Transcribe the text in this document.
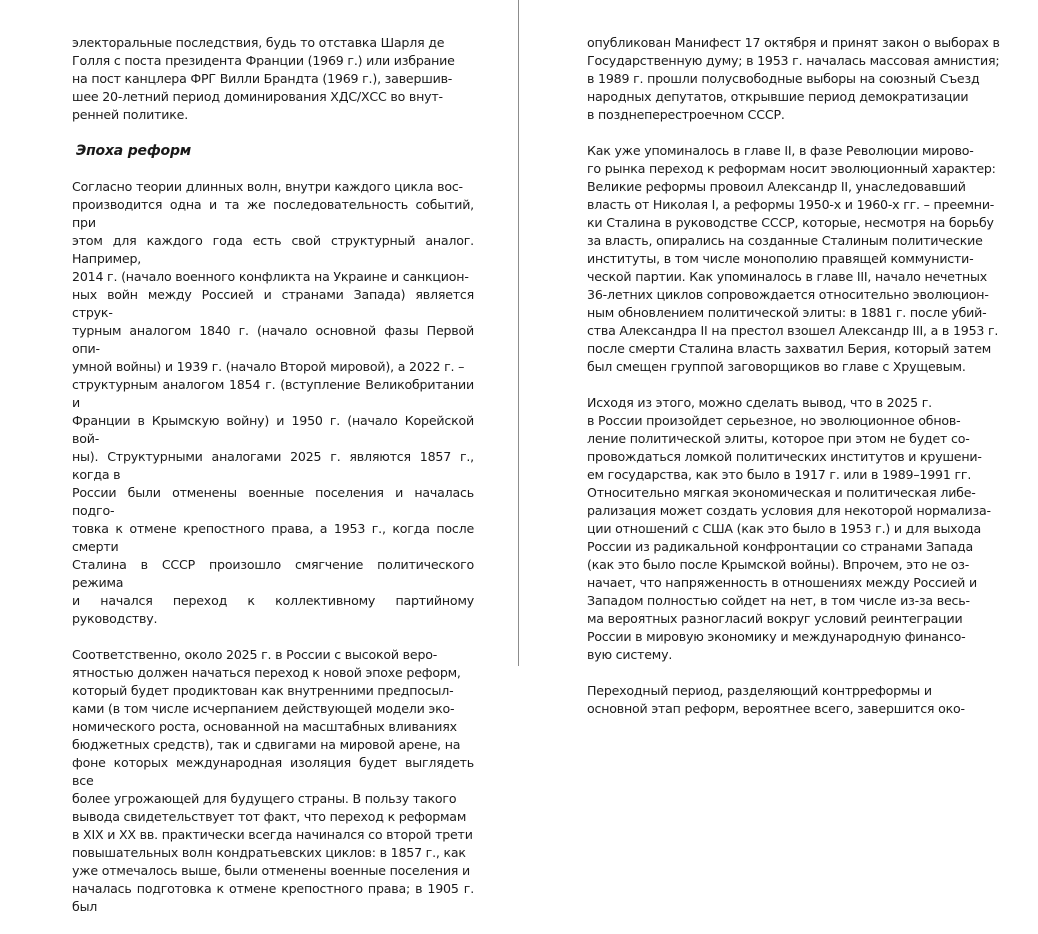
электоральные последствия, будь то отставка Шарля де
Голля с поста президента Франции (1969 г.) или избрание
на пост канцлера ФРГ Вилли Брандта (1969 г.), завершив-
шее 20-летний период доминирования ХДС/ХСС во внут-
ренней политике.

Эпоха реформ

Согласно теории длинных волн, внутри каждого цикла вос-
производится одна и та же последовательность событий, при
этом для каждого года есть свой структурный аналог. Например,
2014 г. (начало военного конфликта на Украине и санкцион-
ных войн между Россией и странами Запада) является струк-
турным аналогом 1840 г. (начало основной фазы Первой опи-
умной войны) и 1939 г. (начало Второй мировой), а 2022 г. –
структурным аналогом 1854 г. (вступление Великобритании и
Франции в Крымскую войну) и 1950 г. (начало Корейской вой-
ны). Структурными аналогами 2025 г. являются 1857 г., когда в
России были отменены военные поселения и началась подго-
товка к отмене крепостного права, а 1953 г., когда после смерти
Сталина в СССР произошло смягчение политического режима
и начался переход к коллективному партийному руководству.

Соответственно, около 2025 г. в России с высокой веро-
ятностью должен начаться переход к новой эпохе реформ,
который будет продиктован как внутренними предпосыл-
ками (в том числе исчерпанием действующей модели эко-
номического роста, основанной на масштабных вливаниях
бюджетных средств), так и сдвигами на мировой арене, на
фоне которых международная изоляция будет выглядеть все
более угрожающей для будущего страны. В пользу такого
вывода свидетельствует тот факт, что переход к реформам
в XIX и XX вв. практически всегда начинался со второй трети
повышательных волн кондратьевских циклов: в 1857 г., как
уже отмечалось выше, были отменены военные поселения и
началась подготовка к отмене крепостного права; в 1905 г. был

опубликован Манифест 17 октября и принят закон о выборах в
Государственную думу; в 1953 г. началась массовая амнистия;
в 1989 г. прошли полусвободные выборы на союзный Съезд
народных депутатов, открывшие период демократизации
в позднеперестроечном СССР.

Как уже упоминалось в главе II, в фазе Революции мирово-
го рынка переход к реформам носит эволюционный характер:
Великие реформы провоил Александр II, унаследовавший
власть от Николая I, а реформы 1950-х и 1960-х гг. – преемни-
ки Сталина в руководстве СССР, которые, несмотря на борьбу
за власть, опирались на созданные Сталиным политические
институты, в том числе монополию правящей коммунисти-
ческой партии. Как упоминалось в главе III, начало нечетных
36-летних циклов сопровождается относительно эволюцион-
ным обновлением политической элиты: в 1881 г. после убий-
ства Александра II на престол взошел Александр III, а в 1953 г.
после смерти Сталина власть захватил Берия, который затем
был смещен группой заговорщиков во главе с Хрущевым.

Исходя из этого, можно сделать вывод, что в 2025 г.
в России произойдет серьезное, но эволюционное обнов-
ление политической элиты, которое при этом не будет со-
провождаться ломкой политических институтов и крушени-
ем государства, как это было в 1917 г. или в 1989–1991 гг.
Относительно мягкая экономическая и политическая либе-
рализация может создать условия для некоторой нормализа-
ции отношений с США (как это было в 1953 г.) и для выхода
России из радикальной конфронтации со странами Запада
(как это было после Крымской войны). Впрочем, это не оз-
начает, что напряженность в отношениях между Россией и
Западом полностью сойдет на нет, в том числе из-за весь-
ма вероятных разногласий вокруг условий реинтеграции
России в мировую экономику и международную финансо-
вую систему.

Переходный период, разделяющий контрреформы и
основной этап реформ, вероятнее всего, завершится око-
